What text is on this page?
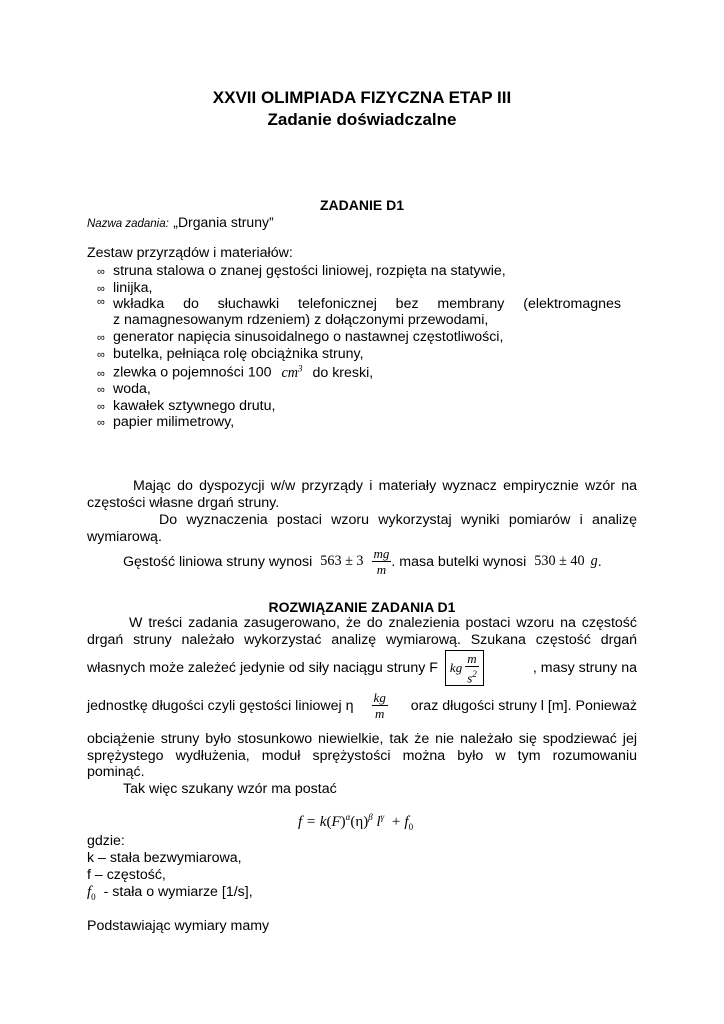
XXVII OLIMPIADA FIZYCZNA ETAP III
Zadanie doświadczalne
ZADANIE D1
Nazwa zadania: „Drgania struny”
Zestaw przyrządów i materiałów:
∞ struna stalowa o znanej gęstości liniowej, rozpięta na statywie,
∞ linijka,
∞ wkładka do słuchawki telefonicznej bez membrany (elektromagnes
z namagnesowanym rdzeniem) z dołączonymi przewodami,
∞ generator napięcia sinusoidalnego o nastawnej częstotliwości,
∞ butelka, pełniąca rolę obciążnika struny,
∞ zlewka o pojemności 100 $cm^3$ do kreski,
∞ woda,
∞ kawałek sztywnego drutu,
∞ papier milimetrowy,
Mając do dyspozycji w/w przyrządy i materiały wyznacz empirycznie wzór na
częstości własne drgań struny.
Do wyznaczenia postaci wzoru wykorzystaj wyniki pomiarów i analizę
wymiarową.
Gęstość liniowa struny wynosi $563 \pm 3 \frac{mg}{m}$ . masa butelki wynosi 530 ± 40 g .
ROZWIĄZANIE ZADANIA D1
W treści zadania zasugerowano, że do znalezienia postaci wzoru na częstość
drgań struny należało wykorzystać analizę wymiarową. Szukana częstość drgań
własnych może zależeć jedynie od siły naciągu struny F kg $\frac{m}{s^2}$	, masy struny na
jednostkę długości czyli gęstości liniowej η $\frac{kg}{m}$ oraz długości struny l [m]. Ponieważ
obciążenie struny było stosunkowo niewielkie, tak że nie należało się spodziewać jej
sprężystego wydłużenia, moduł sprężystości można było w tym rozumowaniu
pominąć.
Tak więc szukany wzór ma postać
$f = k(F)^\alpha(\eta)^\beta$ $l^\gamma + f_0$
gdzie:
k – stała bezwymiarowa,
f – częstość,
$f_0$ - stała o wymiarze [1/s],
Podstawiając wymiary mamy
